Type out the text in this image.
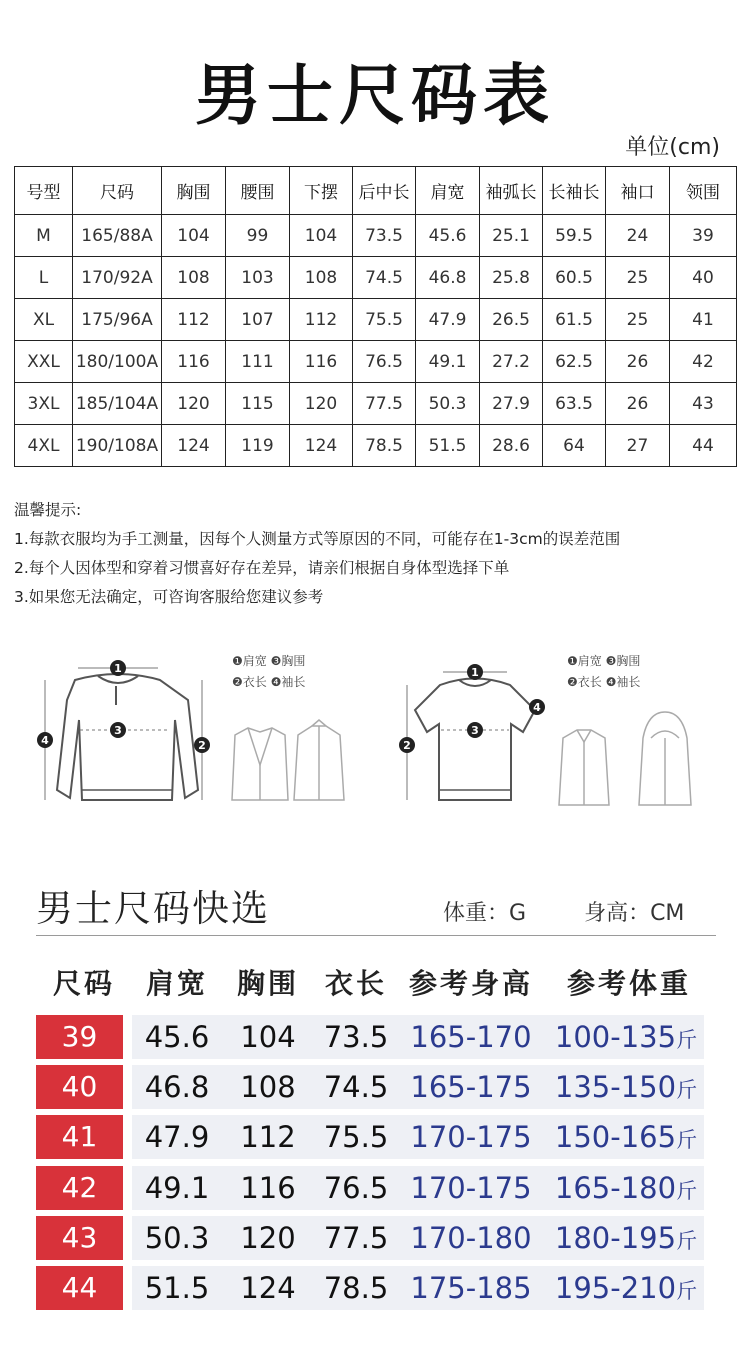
男士尺码表
单位(cm)
号型	尺码	胸围	腰围	下摆	后中长	肩宽	袖弧长	长袖长	袖口	领围
M	165/88A	104	99	104	73.5	45.6	25.1	59.5	24	39
L	170/92A	108	103	108	74.5	46.8	25.8	60.5	25	40
XL	175/96A	112	107	112	75.5	47.9	26.5	61.5	25	41
XXL	180/100A	116	111	116	76.5	49.1	27.2	62.5	26	42
3XL	185/104A	120	115	120	77.5	50.3	27.9	63.5	26	43
4XL	190/108A	124	119	124	78.5	51.5	28.6	64	27	44
温馨提示:
1.每款衣服均为手工测量，因每个人测量方式等原因的不同，可能存在1-3cm的误差范围
2.每个人因体型和穿着习惯喜好存在差异，请亲们根据自身体型选择下单
3.如果您无法确定，可咨询客服给您建议参考
1
2
3
4
❶肩宽 ❸胸围
❷衣长 ❹袖长
1
2
3
4
❶肩宽 ❸胸围
❷衣长 ❹袖长
男士尺码快选	体重：G	身高：CM
尺码	肩宽	胸围 衣长 参考身高	参考体重
39	45.6	104 73.5 165-170 100-135斤
40	46.8	108 74.5 165-175 135-150斤
41	47.9	112 75.5 170-175 150-165斤
42	49.1	116 76.5 170-175 165-180斤
43	50.3	120 77.5 170-180 180-195斤
44	51.5	124 78.5 175-185 195-210斤
